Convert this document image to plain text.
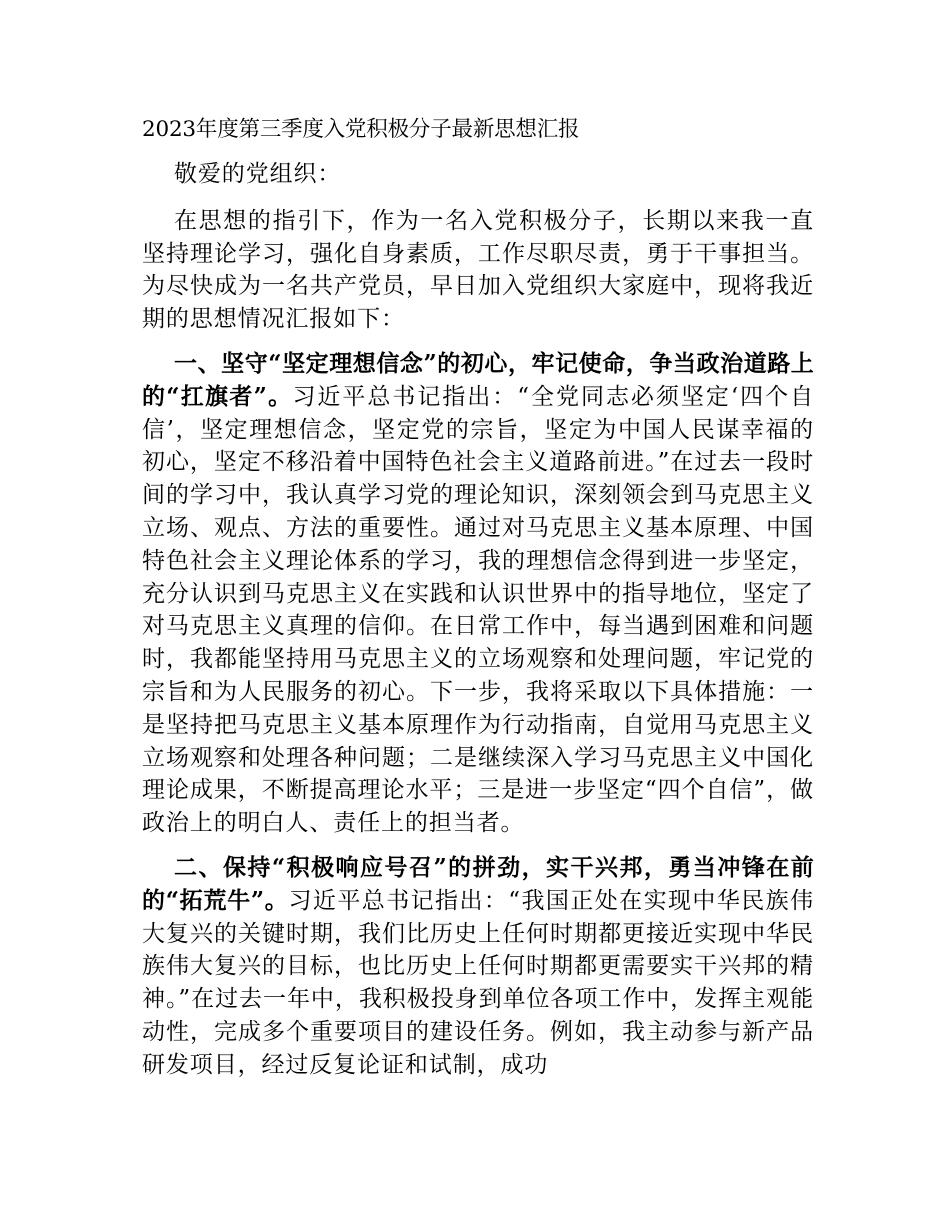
2023年度第三季度入党积极分子最新思想汇报

敬爱的党组织：

在思想的指引下，作为一名入党积极分子，长期以来我一直坚持理论学习，强化自身素质，工作尽职尽责，勇于干事担当。为尽快成为一名共产党员，早日加入党组织大家庭中，现将我近期的思想情况汇报如下：

一、坚守“坚定理想信念”的初心，牢记使命，争当政治道路上的“扛旗者”。习近平总书记指出：“全党同志必须坚定‘四个自信’，坚定理想信念，坚定党的宗旨，坚定为中国人民谋幸福的初心，坚定不移沿着中国特色社会主义道路前进。”在过去一段时间的学习中，我认真学习党的理论知识，深刻领会到马克思主义立场、观点、方法的重要性。通过对马克思主义基本原理、中国特色社会主义理论体系的学习，我的理想信念得到进一步坚定，充分认识到马克思主义在实践和认识世界中的指导地位，坚定了对马克思主义真理的信仰。在日常工作中，每当遇到困难和问题时，我都能坚持用马克思主义的立场观察和处理问题，牢记党的宗旨和为人民服务的初心。下一步，我将采取以下具体措施：一是坚持把马克思主义基本原理作为行动指南，自觉用马克思主义立场观察和处理各种问题；二是继续深入学习马克思主义中国化理论成果，不断提高理论水平；三是进一步坚定“四个自信”，做政治上的明白人、责任上的担当者。

二、保持“积极响应号召”的拼劲，实干兴邦，勇当冲锋在前的“拓荒牛”。习近平总书记指出：“我国正处在实现中华民族伟大复兴的关键时期，我们比历史上任何时期都更接近实现中华民族伟大复兴的目标，也比历史上任何时期都更需要实干兴邦的精神。”在过去一年中，我积极投身到单位各项工作中，发挥主观能动性，完成多个重要项目的建设任务。例如，我主动参与新产品研发项目，经过反复论证和试制，成功
